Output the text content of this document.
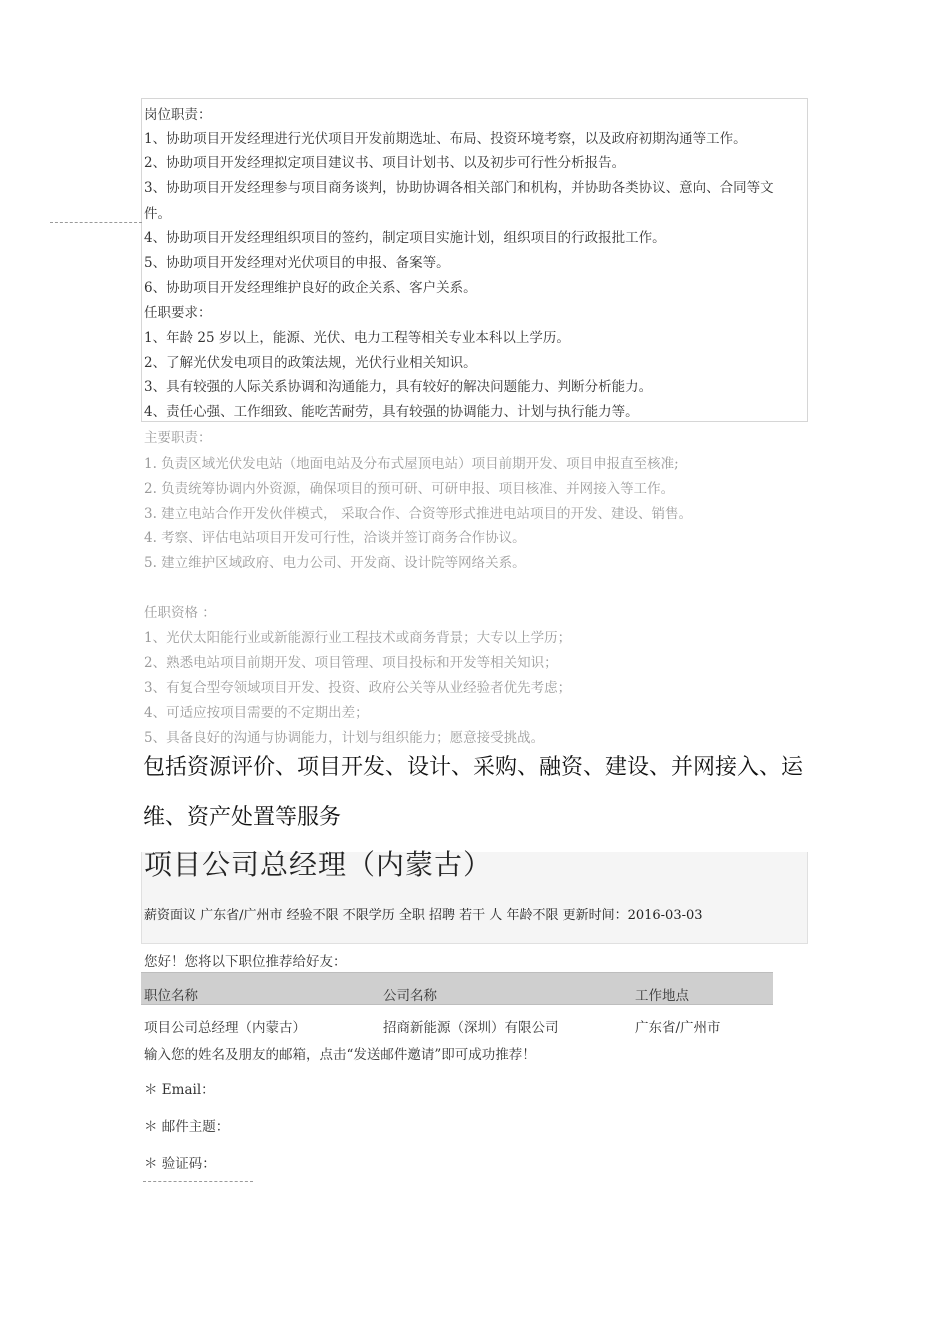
岗位职责：
1、协助项目开发经理进行光伏项目开发前期选址、布局、投资环境考察，以及政府初期沟通等工作。
2、协助项目开发经理拟定项目建议书、项目计划书、以及初步可行性分析报告。
3、协助项目开发经理参与项目商务谈判，协助协调各相关部门和机构，并协助各类协议、意向、合同等文
件。
4、协助项目开发经理组织项目的签约，制定项目实施计划，组织项目的行政报批工作。
5、协助项目开发经理对光伏项目的申报、备案等。
6、协助项目开发经理维护良好的政企关系、客户关系。
任职要求：
1、年龄 25 岁以上，能源、光伏、电力工程等相关专业本科以上学历。
2、了解光伏发电项目的政策法规，光伏行业相关知识。
3、具有较强的人际关系协调和沟通能力，具有较好的解决问题能力、判断分析能力。
4、责任心强、工作细致、能吃苦耐劳，具有较强的协调能力、计划与执行能力等。
主要职责：
1. 负责区域光伏发电站（地面电站及分布式屋顶电站）项目前期开发、项目申报直至核准;
2. 负责统筹协调内外资源，确保项目的预可研、可研申报、项目核准、并网接入等工作。
3. 建立电站合作开发伙伴模式， 采取合作、合资等形式推进电站项目的开发、建设、销售。
4. 考察、评估电站项目开发可行性，洽谈并签订商务合作协议。
5. 建立维护区域政府、电力公司、开发商、设计院等网络关系。
任职资格 ：
1、光伏太阳能行业或新能源行业工程技术或商务背景；大专以上学历；
2、熟悉电站项目前期开发、项目管理、项目投标和开发等相关知识；
3、有复合型夸领域项目开发、投资、政府公关等从业经验者优先考虑；
4、可适应按项目需要的不定期出差；
5、具备良好的沟通与协调能力，计划与组织能力；愿意接受挑战。
包括资源评价、项目开发、设计、采购、融资、建设、并网接入、运
维、资产处置等服务
项目公司总经理（内蒙古）
薪资面议 广东省/广州市 经验不限 不限学历 全职 招聘 若干 人 年龄不限 更新时间：2016-03-03
您好！您将以下职位推荐给好友：
职位名称	公司名称	工作地点
项目公司总经理（内蒙古）	招商新能源（深圳）有限公司	广东省/广州市
输入您的姓名及朋友的邮箱，点击“发送邮件邀请”即可成功推荐！
＊ Email：
＊ 邮件主题：
＊ 验证码：
